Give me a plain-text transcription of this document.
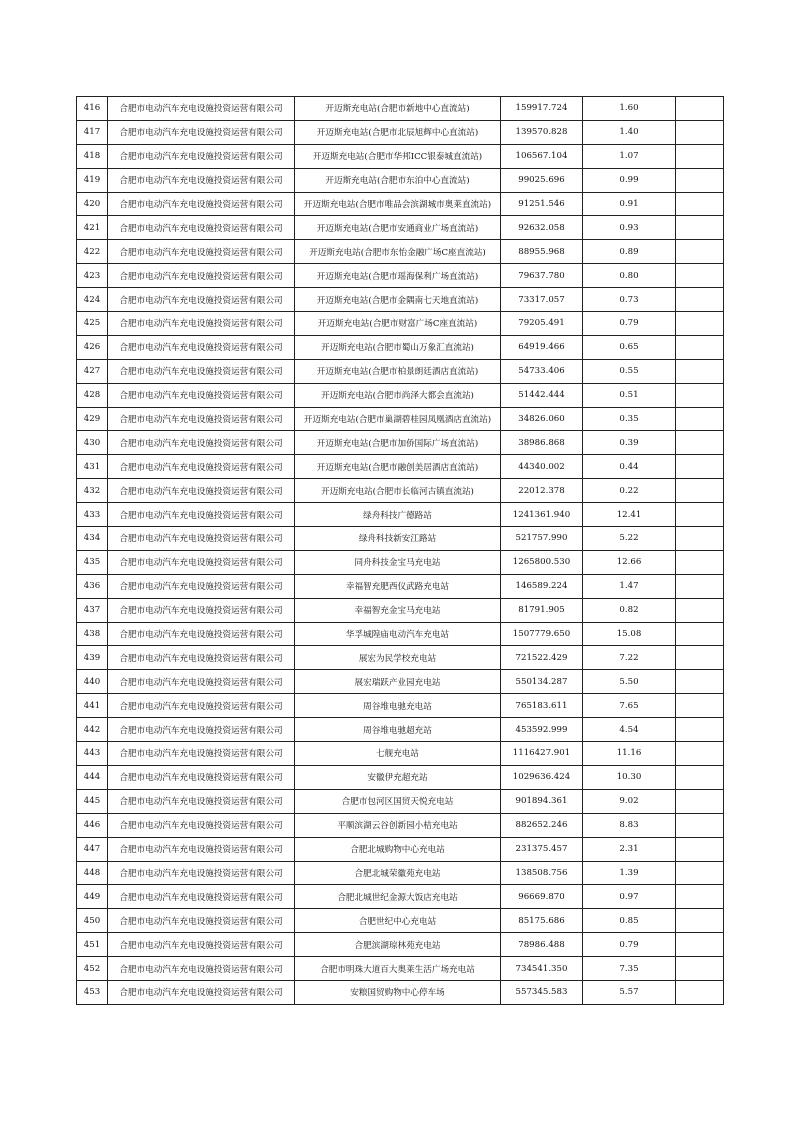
416	合肥市电动汽车充电设施投资运营有限公司	开迈斯充电站(合肥市新地中心直流站)	159917.724	1.60	
417	合肥市电动汽车充电设施投资运营有限公司	开迈斯充电站(合肥市北辰旭辉中心直流站)	139570.828	1.40	
418	合肥市电动汽车充电设施投资运营有限公司	开迈斯充电站(合肥市华邦ICC银泰城直流站)	106567.104	1.07	
419	合肥市电动汽车充电设施投资运营有限公司	开迈斯充电站(合肥市东泊中心直流站)	99025.696	0.99	
420	合肥市电动汽车充电设施投资运营有限公司	开迈斯充电站(合肥市唯品会滨湖城市奥莱直流站)	91251.546	0.91	
421	合肥市电动汽车充电设施投资运营有限公司	开迈斯充电站(合肥市安通商业广场直流站)	92632.058	0.93	
422	合肥市电动汽车充电设施投资运营有限公司	开迈斯充电站(合肥市东怡金融广场C座直流站)	88955.968	0.89	
423	合肥市电动汽车充电设施投资运营有限公司	开迈斯充电站(合肥市瑶海保利广场直流站)	79637.780	0.80	
424	合肥市电动汽车充电设施投资运营有限公司	开迈斯充电站(合肥市金隅南七天地直流站)	73317.057	0.73	
425	合肥市电动汽车充电设施投资运营有限公司	开迈斯充电站(合肥市财富广场C座直流站)	79205.491	0.79	
426	合肥市电动汽车充电设施投资运营有限公司	开迈斯充电站(合肥市蜀山万象汇直流站)	64919.466	0.65	
427	合肥市电动汽车充电设施投资运营有限公司	开迈斯充电站(合肥市柏景朗廷酒店直流站)	54733.406	0.55	
428	合肥市电动汽车充电设施投资运营有限公司	开迈斯充电站(合肥市尚泽大都会直流站)	51442.444	0.51	
429	合肥市电动汽车充电设施投资运营有限公司	开迈斯充电站(合肥市巢湖碧桂园凤凰酒店直流站)	34826.060	0.35	
430	合肥市电动汽车充电设施投资运营有限公司	开迈斯充电站(合肥市加侨国际广场直流站)	38986.868	0.39	
431	合肥市电动汽车充电设施投资运营有限公司	开迈斯充电站(合肥市融创美居酒店直流站)	44340.002	0.44	
432	合肥市电动汽车充电设施投资运营有限公司	开迈斯充电站(合肥市长临河古镇直流站)	22012.378	0.22	
433	合肥市电动汽车充电设施投资运营有限公司	绿舟科技广德路站	1241361.940	12.41	
434	合肥市电动汽车充电设施投资运营有限公司	绿舟科技新安江路站	521757.990	5.22	
435	合肥市电动汽车充电设施投资运营有限公司	同舟科技金宝马充电站	1265800.530	12.66	
436	合肥市电动汽车充电设施投资运营有限公司	幸福智充肥西仪武路充电站	146589.224	1.47	
437	合肥市电动汽车充电设施投资运营有限公司	幸福智充金宝马充电站	81791.905	0.82	
438	合肥市电动汽车充电设施投资运营有限公司	华孚城隍庙电动汽车充电站	1507779.650	15.08	
439	合肥市电动汽车充电设施投资运营有限公司	展宏为民学校充电站	721522.429	7.22	
440	合肥市电动汽车充电设施投资运营有限公司	展宏瑞跃产业园充电站	550134.287	5.50	
441	合肥市电动汽车充电设施投资运营有限公司	周谷堆电驰充电站	765183.611	7.65	
442	合肥市电动汽车充电设施投资运营有限公司	周谷堆电驰超充站	453592.999	4.54	
443	合肥市电动汽车充电设施投资运营有限公司	七舰充电站	1116427.901	11.16	
444	合肥市电动汽车充电设施投资运营有限公司	安徽伊充超充站	1029636.424	10.30	
445	合肥市电动汽车充电设施投资运营有限公司	合肥市包河区国贸天悦充电站	901894.361	9.02	
446	合肥市电动汽车充电设施投资运营有限公司	平顺滨湖云谷创新园小桔充电站	882652.246	8.83	
447	合肥市电动汽车充电设施投资运营有限公司	合肥北城购物中心充电站	231375.457	2.31	
448	合肥市电动汽车充电设施投资运营有限公司	合肥北城荣徽苑充电站	138508.756	1.39	
449	合肥市电动汽车充电设施投资运营有限公司	合肥北城世纪金源大饭店充电站	96669.870	0.97	
450	合肥市电动汽车充电设施投资运营有限公司	合肥世纪中心充电站	85175.686	0.85	
451	合肥市电动汽车充电设施投资运营有限公司	合肥滨湖琼林苑充电站	78986.488	0.79	
452	合肥市电动汽车充电设施投资运营有限公司	合肥市明珠大道百大奥莱生活广场充电站	734541.350	7.35	
453	合肥市电动汽车充电设施投资运营有限公司	安粮国贸购物中心停车场	557345.583	5.57	
